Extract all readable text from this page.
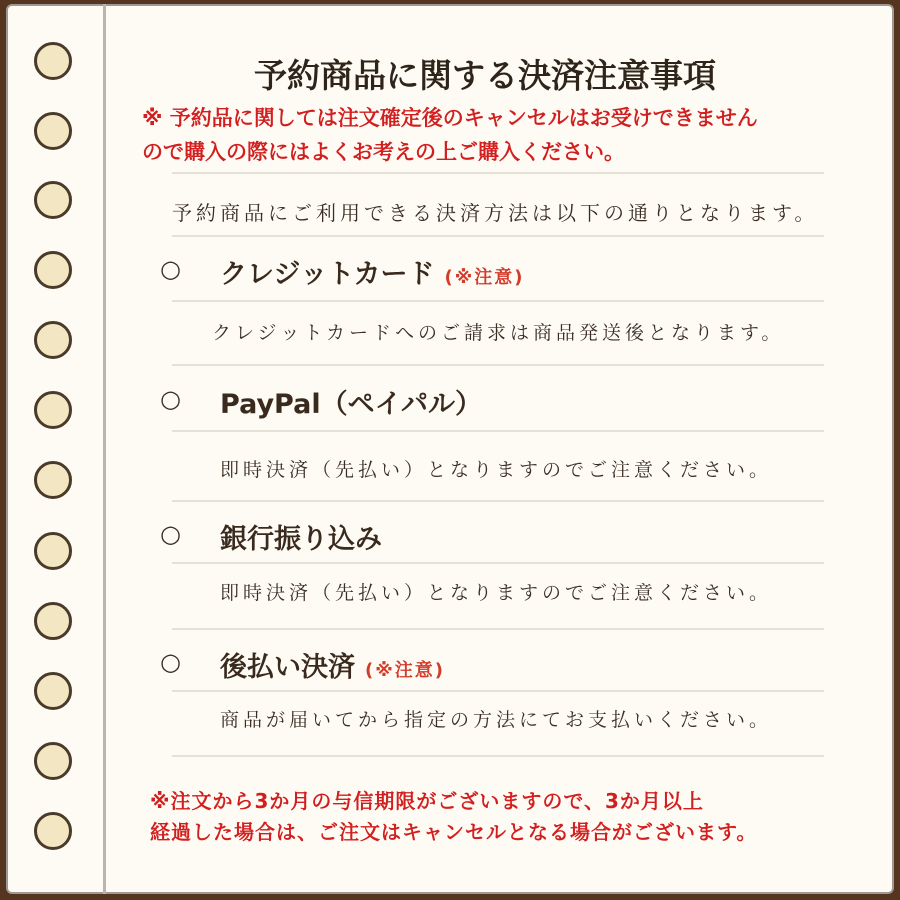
予約商品に関する決済注意事項
※ 予約品に関しては注文確定後のキャンセルはお受けできません
ので購入の際にはよくお考えの上ご購入ください。
予約商品にご利用できる決済方法は以下の通りとなります。
○ クレジットカード (※注意)
クレジットカードへのご請求は商品発送後となります。
○ PayPal（ペイパル）
即時決済（先払い）となりますのでご注意ください。
○ 銀行振り込み
即時決済（先払い）となりますのでご注意ください。
○ 後払い決済 (※注意)
商品が届いてから指定の方法にてお支払いください。
※注文から3か月の与信期限がございますので、3か月以上
経過した場合は、ご注文はキャンセルとなる場合がございます。
